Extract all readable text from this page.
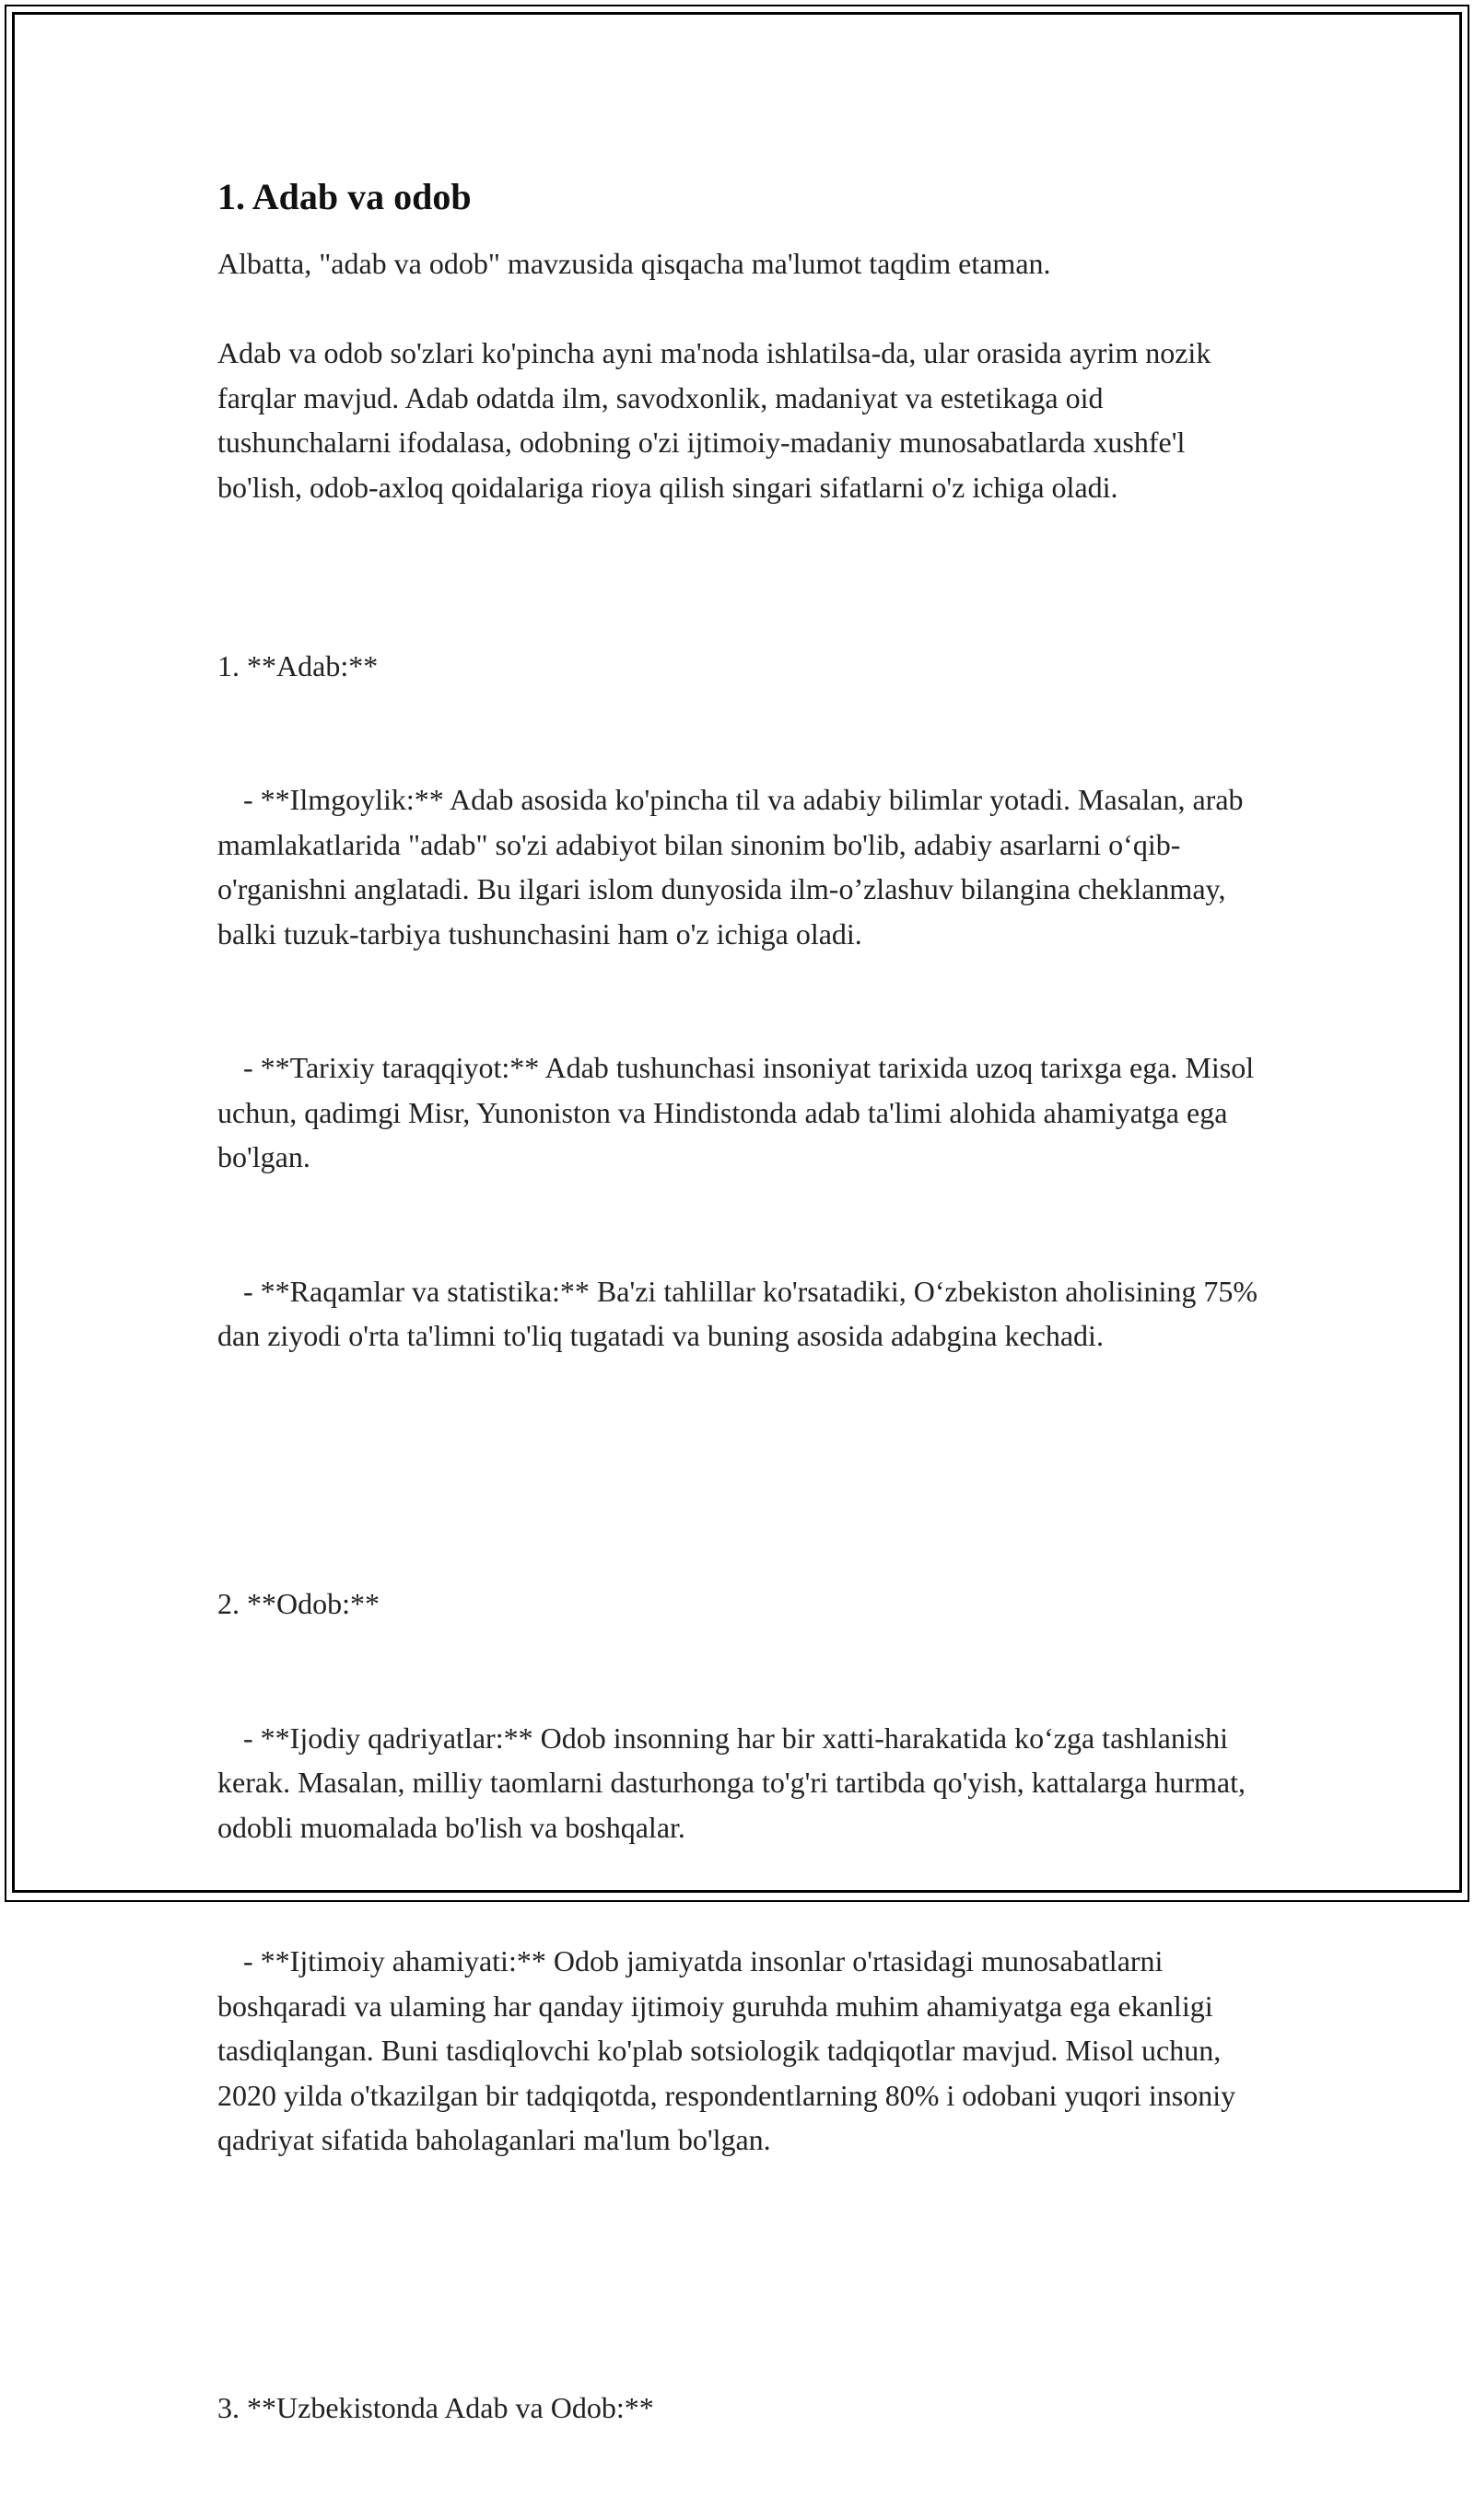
1. Adab va odob

Albatta, "adab va odob" mavzusida qisqacha ma'lumot taqdim etaman.

Adab va odob so'zlari ko'pincha ayni ma'noda ishlatilsa-da, ular orasida ayrim nozik farqlar mavjud. Adab odatda ilm, savodxonlik, madaniyat va estetikaga oid tushunchalarni ifodalasa, odobning o'zi ijtimoiy-madaniy munosabatlarda xushfe'l bo'lish, odob-axloq qoidalariga rioya qilish singari sifatlarni o'z ichiga oladi.

1. **Adab:**

- **Ilmgoylik:** Adab asosida ko'pincha til va adabiy bilimlar yotadi. Masalan, arab mamlakatlarida "adab" so'zi adabiyot bilan sinonim bo'lib, adabiy asarlarni o‘qib-o'rganishni anglatadi. Bu ilgari islom dunyosida ilm-o’zlashuv bilangina cheklanmay, balki tuzuk-tarbiya tushunchasini ham o'z ichiga oladi.

- **Tarixiy taraqqiyot:** Adab tushunchasi insoniyat tarixida uzoq tarixga ega. Misol uchun, qadimgi Misr, Yunoniston va Hindistonda adab ta'limi alohida ahamiyatga ega bo'lgan.

- **Raqamlar va statistika:** Ba'zi tahlillar ko'rsatadiki, O‘zbekiston aholisining 75% dan ziyodi o'rta ta'limni to'liq tugatadi va buning asosida adabgina kechadi.

2. **Odob:**

- **Ijodiy qadriyatlar:** Odob insonning har bir xatti-harakatida ko‘zga tashlanishi kerak. Masalan, milliy taomlarni dasturhonga to'g'ri tartibda qo'yish, kattalarga hurmat, odobli muomalada bo'lish va boshqalar.

- **Ijtimoiy ahamiyati:** Odob jamiyatda insonlar o'rtasidagi munosabatlarni boshqaradi va ulaming har qanday ijtimoiy guruhda muhim ahamiyatga ega ekanligi tasdiqlangan. Buni tasdiqlovchi ko'plab sotsiologik tadqiqotlar mavjud. Misol uchun, 2020 yilda o'tkazilgan bir tadqiqotda, respondentlarning 80% i odobani yuqori insoniy qadriyat sifatida baholaganlari ma'lum bo'lgan.

3. **Uzbekistonda Adab va Odob:**
